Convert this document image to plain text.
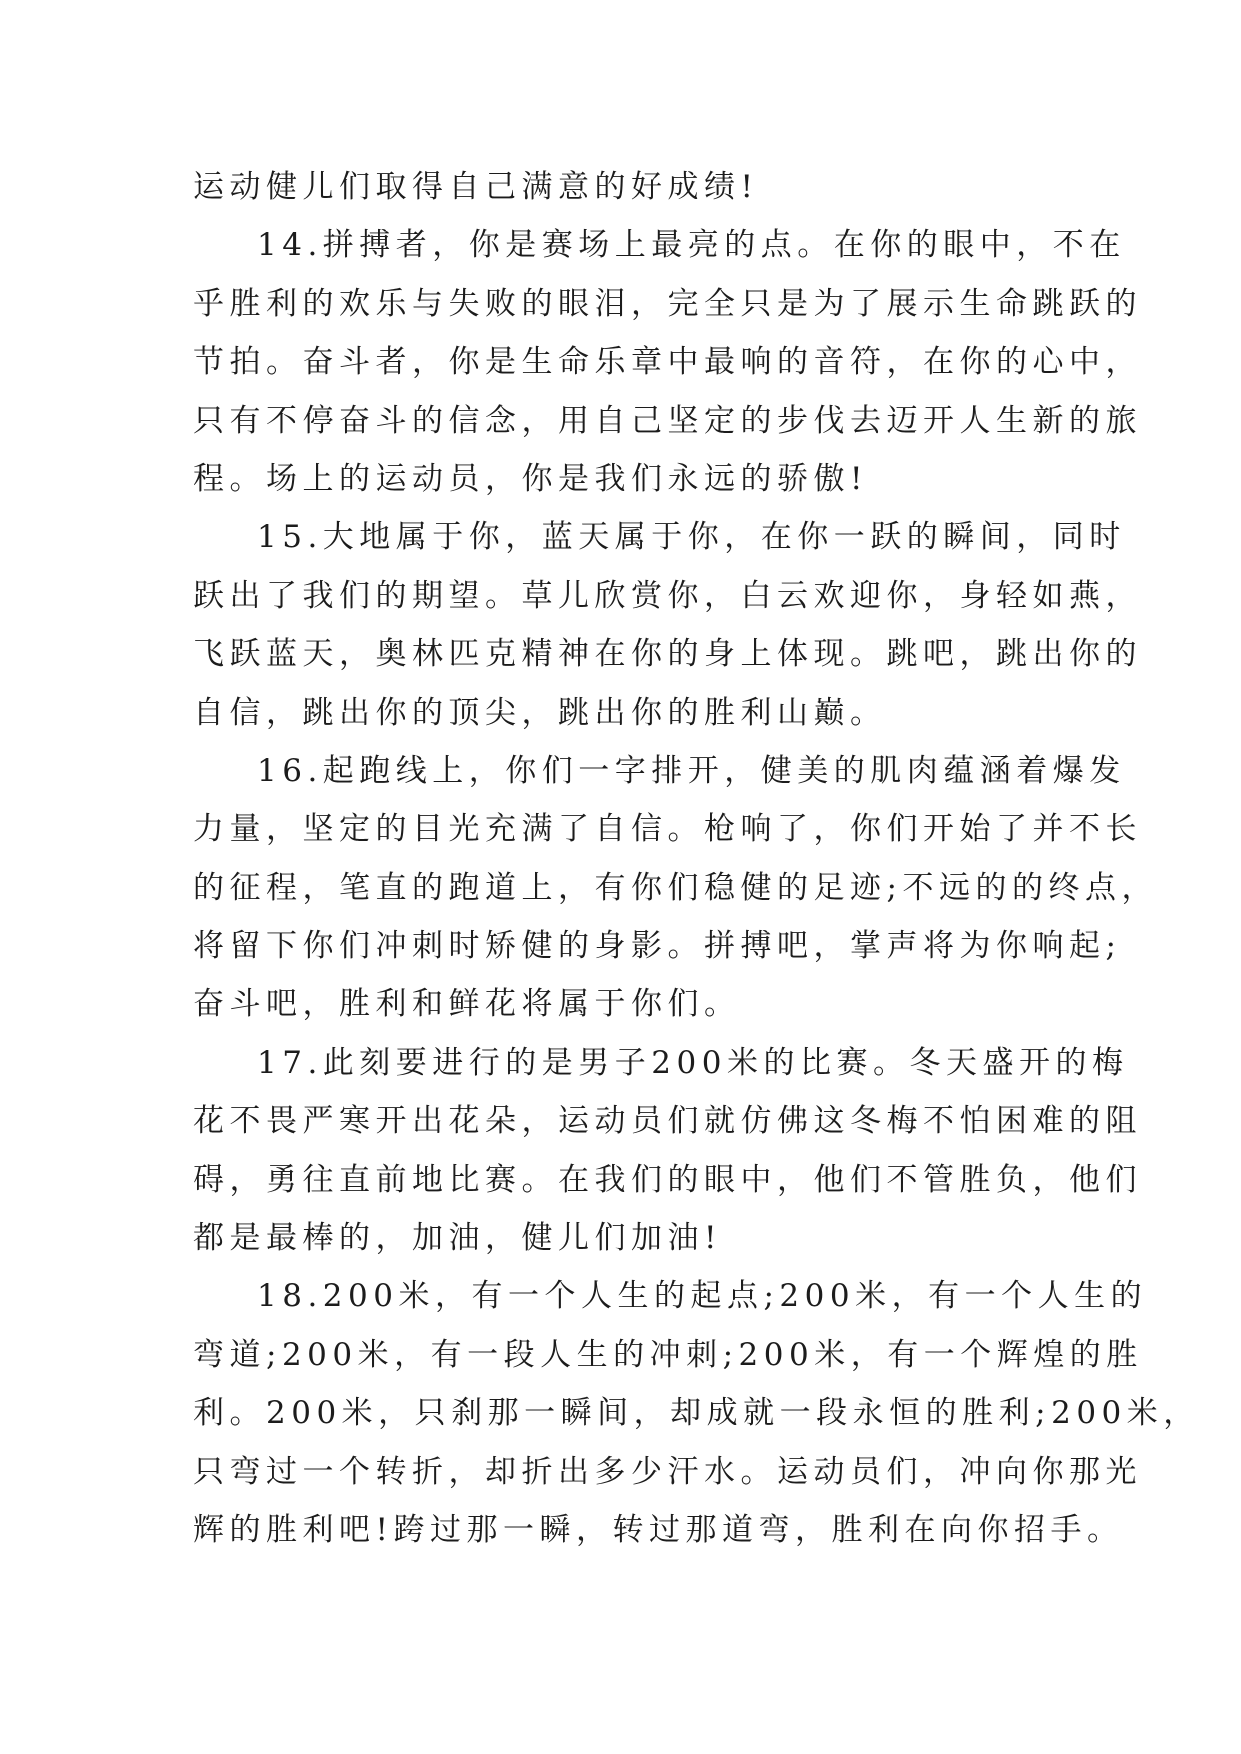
运动健儿们取得自己满意的好成绩!
14.拼搏者，你是赛场上最亮的点。在你的眼中，不在
乎胜利的欢乐与失败的眼泪，完全只是为了展示生命跳跃的
节拍。奋斗者，你是生命乐章中最响的音符，在你的心中，
只有不停奋斗的信念，用自己坚定的步伐去迈开人生新的旅
程。场上的运动员，你是我们永远的骄傲!
15.大地属于你，蓝天属于你，在你一跃的瞬间，同时
跃出了我们的期望。草儿欣赏你，白云欢迎你，身轻如燕，
飞跃蓝天，奥林匹克精神在你的身上体现。跳吧，跳出你的
自信，跳出你的顶尖，跳出你的胜利山巅。
16.起跑线上，你们一字排开，健美的肌肉蕴涵着爆发
力量，坚定的目光充满了自信。枪响了，你们开始了并不长
的征程，笔直的跑道上，有你们稳健的足迹;不远的的终点，
将留下你们冲刺时矫健的身影。拼搏吧，掌声将为你响起;
奋斗吧，胜利和鲜花将属于你们。
17.此刻要进行的是男子200米的比赛。冬天盛开的梅
花不畏严寒开出花朵，运动员们就仿佛这冬梅不怕困难的阻
碍，勇往直前地比赛。在我们的眼中，他们不管胜负，他们
都是最棒的，加油，健儿们加油!
18.200米，有一个人生的起点;200米，有一个人生的
弯道;200米，有一段人生的冲刺;200米，有一个辉煌的胜
利。200米，只刹那一瞬间，却成就一段永恒的胜利;200米，
只弯过一个转折，却折出多少汗水。运动员们，冲向你那光
辉的胜利吧!跨过那一瞬，转过那道弯，胜利在向你招手。
